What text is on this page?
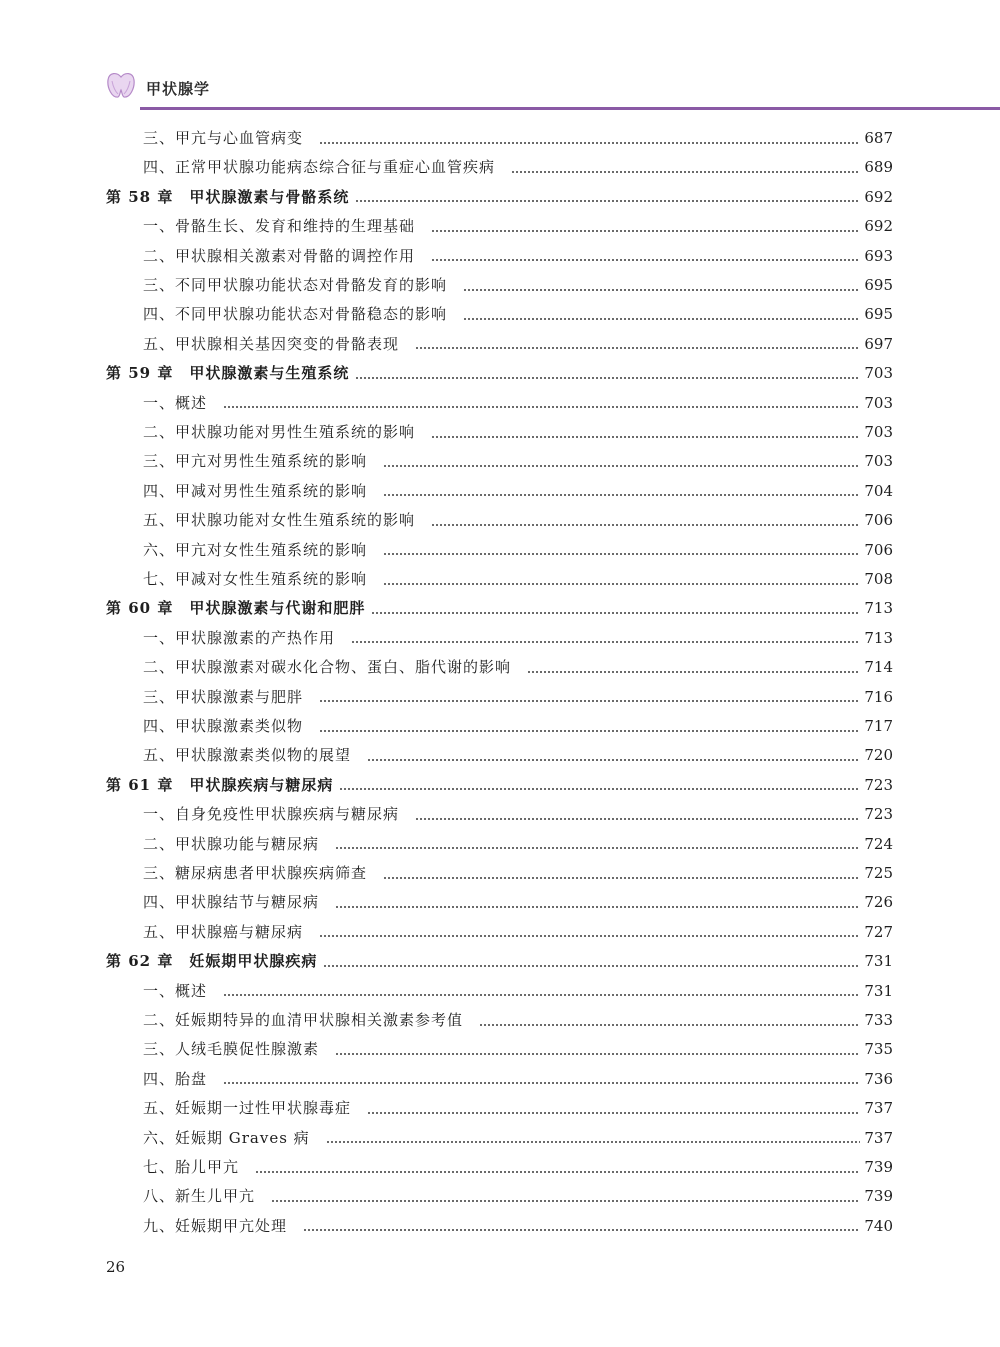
甲状腺学
三、甲亢与心血管病变	687
四、正常甲状腺功能病态综合征与重症心血管疾病	689
第 58 章　甲状腺激素与骨骼系统	692
一、骨骼生长、发育和维持的生理基础	692
二、甲状腺相关激素对骨骼的调控作用	693
三、不同甲状腺功能状态对骨骼发育的影响	695
四、不同甲状腺功能状态对骨骼稳态的影响	695
五、甲状腺相关基因突变的骨骼表现	697
第 59 章　甲状腺激素与生殖系统	703
一、概述	703
二、甲状腺功能对男性生殖系统的影响	703
三、甲亢对男性生殖系统的影响	703
四、甲减对男性生殖系统的影响	704
五、甲状腺功能对女性生殖系统的影响	706
六、甲亢对女性生殖系统的影响	706
七、甲减对女性生殖系统的影响	708
第 60 章　甲状腺激素与代谢和肥胖	713
一、甲状腺激素的产热作用	713
二、甲状腺激素对碳水化合物、蛋白、脂代谢的影响	714
三、甲状腺激素与肥胖	716
四、甲状腺激素类似物	717
五、甲状腺激素类似物的展望	720
第 61 章　甲状腺疾病与糖尿病	723
一、自身免疫性甲状腺疾病与糖尿病	723
二、甲状腺功能与糖尿病	724
三、糖尿病患者甲状腺疾病筛查	725
四、甲状腺结节与糖尿病	726
五、甲状腺癌与糖尿病	727
第 62 章　妊娠期甲状腺疾病	731
一、概述	731
二、妊娠期特异的血清甲状腺相关激素参考值	733
三、人绒毛膜促性腺激素	735
四、胎盘	736
五、妊娠期一过性甲状腺毒症	737
六、妊娠期 Graves 病	737
七、胎儿甲亢	739
八、新生儿甲亢	739
九、妊娠期甲亢处理	740
26
